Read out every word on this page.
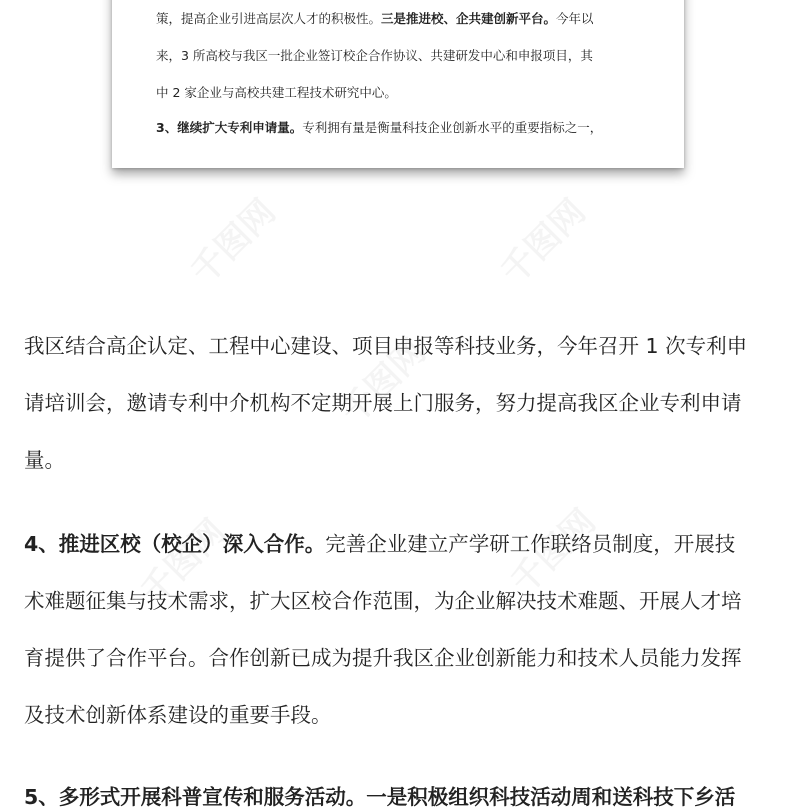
策，提高企业引进高层次人才的积极性。三是推进校、企共建创新平台。今年以
来，3 所高校与我区一批企业签订校企合作协议、共建研发中心和申报项目，其
中 2 家企业与高校共建工程技术研究中心。

3、继续扩大专利申请量。专利拥有量是衡量科技企业创新水平的重要指标之一，

我区结合高企认定、工程中心建设、项目申报等科技业务，今年召开 1 次专利申

请培训会，邀请专利中介机构不定期开展上门服务，努力提高我区企业专利申请

量。

4、推进区校（校企）深入合作。完善企业建立产学研工作联络员制度，开展技

术难题征集与技术需求，扩大区校合作范围，为企业解决技术难题、开展人才培

育提供了合作平台。合作创新已成为提升我区企业创新能力和技术人员能力发挥

及技术创新体系建设的重要手段。

5、多形式开展科普宣传和服务活动。一是积极组织科技活动周和送科技下乡活
